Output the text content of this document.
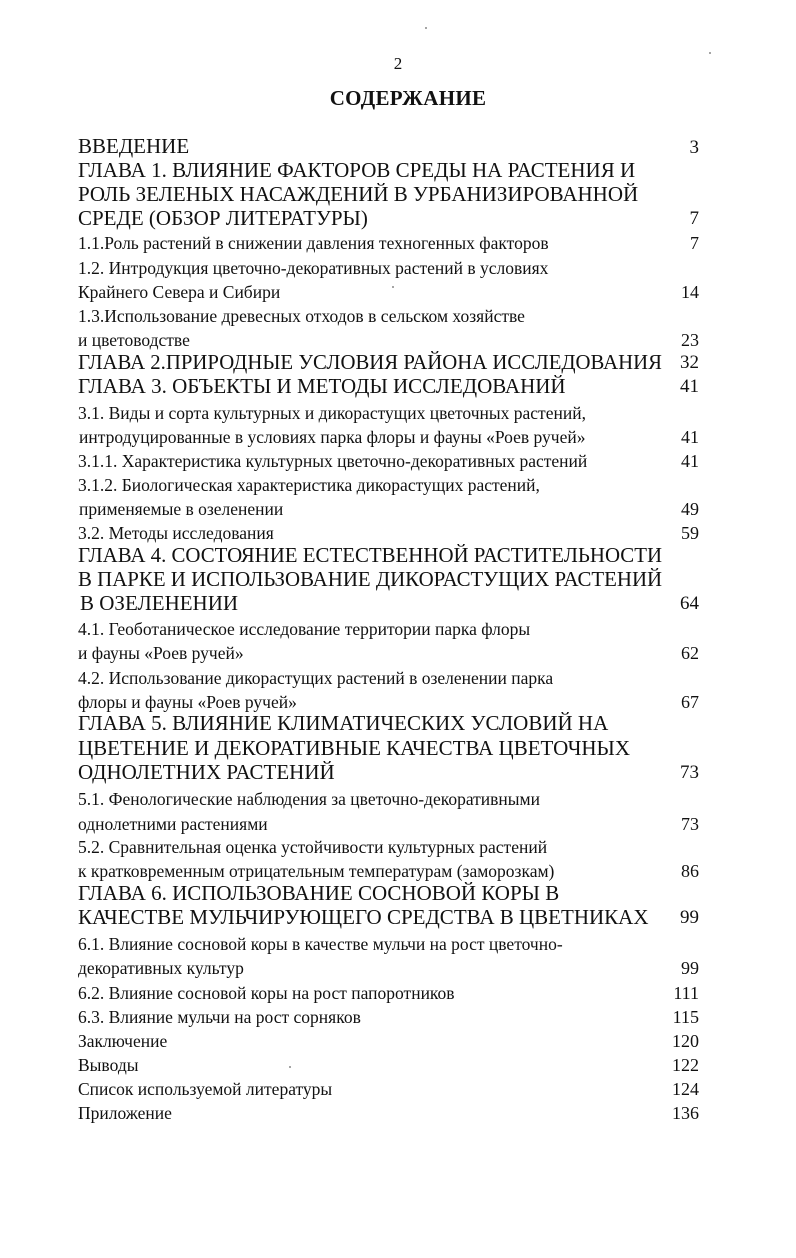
2
СОДЕРЖАНИЕ
ВВЕДЕНИЕ	3
ГЛАВА 1. ВЛИЯНИЕ ФАКТОРОВ СРЕДЫ НА РАСТЕНИЯ И
РОЛЬ ЗЕЛЕНЫХ НАСАЖДЕНИЙ В УРБАНИЗИРОВАННОЙ
СРЕДЕ (ОБЗОР ЛИТЕРАТУРЫ)	7
1.1.Роль растений в снижении давления техногенных факторов	7
1.2. Интродукция цветочно-декоративных растений в условиях
Крайнего Севера и Сибири	14
1.3.Использование древесных отходов в сельском хозяйстве
и цветоводстве	23
ГЛАВА 2.ПРИРОДНЫЕ УСЛОВИЯ РАЙОНА ИССЛЕДОВАНИЯ 32
ГЛАВА 3. ОБЪЕКТЫ И МЕТОДЫ ИССЛЕДОВАНИЙ	41
3.1. Виды и сорта культурных и дикорастущих цветочных растений,
интродуцированные в условиях парка флоры и фауны «Роев ручей»	41
3.1.1. Характеристика культурных цветочно-декоративных растений	41
3.1.2. Биологическая характеристика дикорастущих растений,
применяемые в озеленении	49
3.2. Методы исследования	59
ГЛАВА 4. СОСТОЯНИЕ ЕСТЕСТВЕННОЙ РАСТИТЕЛЬНОСТИ
В ПАРКЕ И ИСПОЛЬЗОВАНИЕ ДИКОРАСТУЩИХ РАСТЕНИЙ
В ОЗЕЛЕНЕНИИ	64
4.1. Геоботаническое исследование территории парка флоры
и фауны «Роев ручей»	62
4.2. Использование дикорастущих растений в озеленении парка
флоры и фауны «Роев ручей»	67
ГЛАВА 5. ВЛИЯНИЕ КЛИМАТИЧЕСКИХ УСЛОВИЙ НА
ЦВЕТЕНИЕ И ДЕКОРАТИВНЫЕ КАЧЕСТВА ЦВЕТОЧНЫХ
ОДНОЛЕТНИХ РАСТЕНИЙ	73
5.1. Фенологические наблюдения за цветочно-декоративными
однолетними растениями	73
5.2. Сравнительная оценка устойчивости культурных растений
к кратковременным отрицательным температурам (заморозкам)	86
ГЛАВА 6. ИСПОЛЬЗОВАНИЕ СОСНОВОЙ КОРЫ В
КАЧЕСТВЕ МУЛЬЧИРУЮЩЕГО СРЕДСТВА В ЦВЕТНИКАХ	99
6.1. Влияние сосновой коры в качестве мульчи на рост цветочно-
декоративных культур	99
6.2. Влияние сосновой коры на рост папоротников	111
6.3. Влияние мульчи на рост сорняков	115
Заключение	120
Выводы	122
Список используемой литературы	124
Приложение	136
